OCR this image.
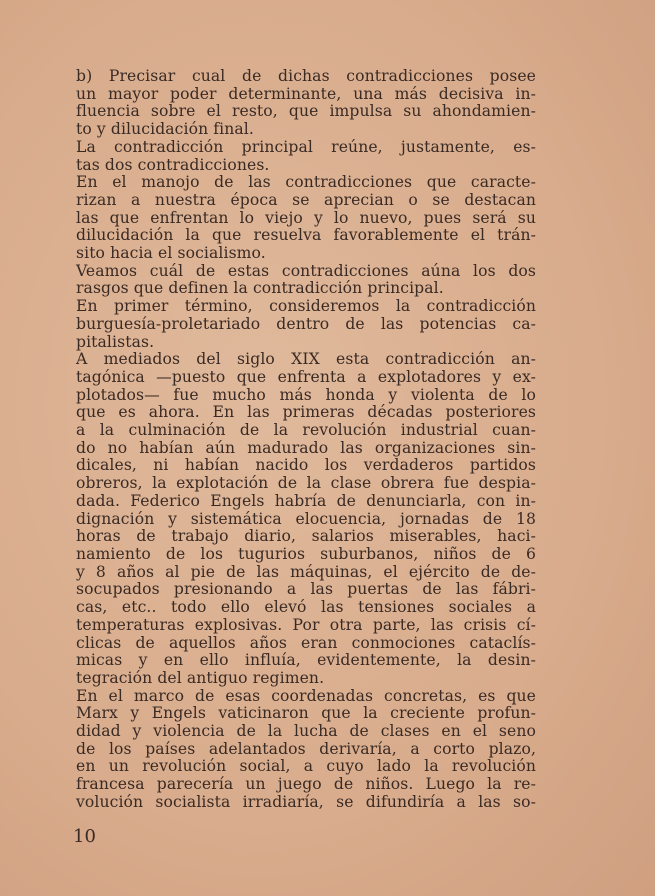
b) Precisar cual de dichas contradicciones posee
un mayor poder determinante, una más decisiva in-
fluencia sobre el resto, que impulsa su ahondamien-
to y dilucidación final.
La contradicción principal reúne, justamente, es-
tas dos contradicciones.
En el manojo de las contradicciones que caracte-
rizan a nuestra época se aprecian o se destacan
las que enfrentan lo viejo y lo nuevo, pues será su
dilucidación la que resuelva favorablemente el trán-
sito hacia el socialismo.
Veamos cuál de estas contradicciones aúna los dos
rasgos que definen la contradicción principal.
En primer término, consideremos la contradicción
burguesía-proletariado dentro de las potencias ca-
pitalistas.
A mediados del siglo XIX esta contradicción an-
tagónica —puesto que enfrenta a explotadores y ex-
plotados— fue mucho más honda y violenta de lo
que es ahora. En las primeras décadas posteriores
a la culminación de la revolución industrial cuan-
do no habían aún madurado las organizaciones sin-
dicales, ni habían nacido los verdaderos partidos
obreros, la explotación de la clase obrera fue despia-
dada. Federico Engels habría de denunciarla, con in-
dignación y sistemática elocuencia, jornadas de 18
horas de trabajo diario, salarios miserables, haci-
namiento de los tugurios suburbanos, niños de 6
y 8 años al pie de las máquinas, el ejército de de-
socupados presionando a las puertas de las fábri-
cas, etc.. todo ello elevó las tensiones sociales a
temperaturas explosivas. Por otra parte, las crisis cí-
clicas de aquellos años eran conmociones cataclís-
micas y en ello influía, evidentemente, la desin-
tegración del antiguo regimen.
En el marco de esas coordenadas concretas, es que
Marx y Engels vaticinaron que la creciente profun-
didad y violencia de la lucha de clases en el seno
de los países adelantados derivaría, a corto plazo,
en un revolución social, a cuyo lado la revolución
francesa parecería un juego de niños. Luego la re-
volución socialista irradiaría, se difundiría a las so-
10
